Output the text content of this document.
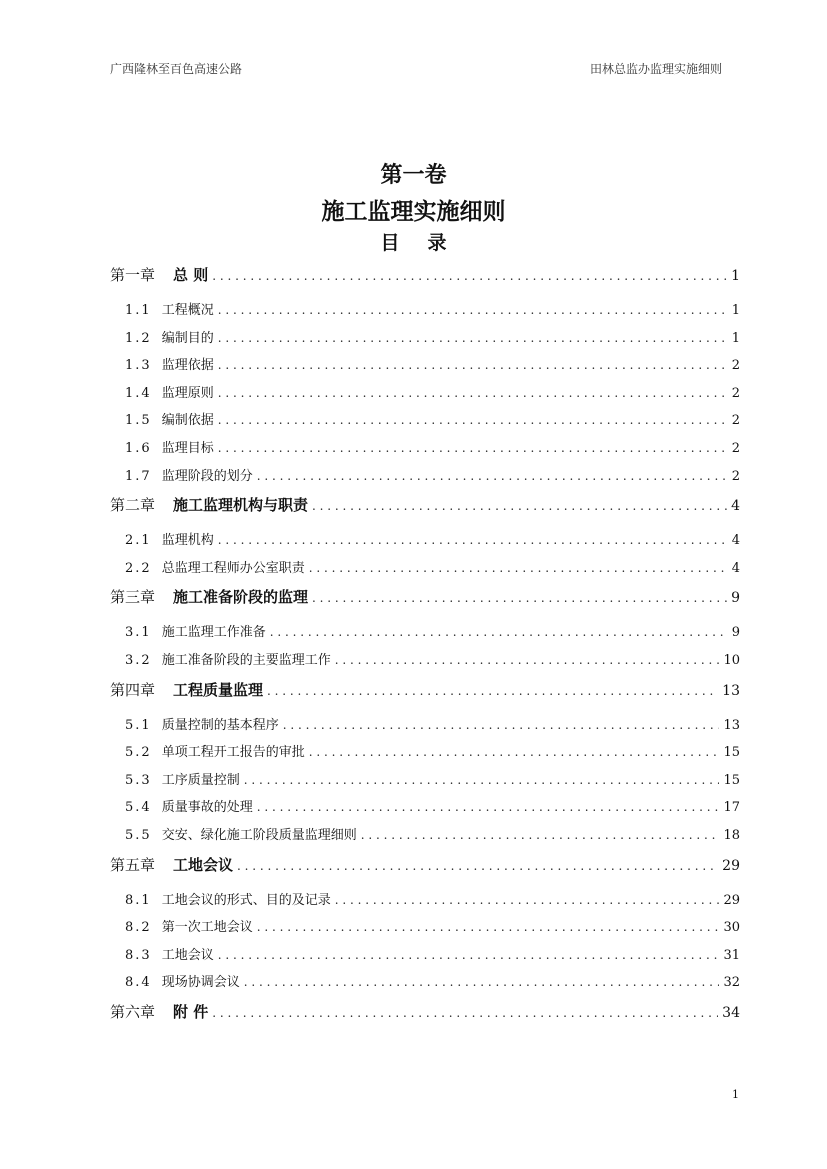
广西隆林至百色高速公路	田林总监办监理实施细则
第一卷
施工监理实施细则
目录
第一章 总 则 . . .	1
1.1 工程概况 . . .	1
1.2 编制目的 . . .	1
1.3 监理依据 . . .	2
1.4 监理原则 . . .	2
1.5 编制依据 . . .	2
1.6 监理目标 . . .	2
1.7 监理阶段的划分 . . .	2
第二章 施工监理机构与职责 . . .	4
2.1 监理机构 . . .	4
2.2 总监理工程师办公室职责 . . .	4
第三章 施工准备阶段的监理 . . .	9
3.1 施工监理工作准备 . . .	9
3.2 施工准备阶段的主要监理工作 . . .	10
第四章 工程质量监理 . . .	13
5.1 质量控制的基本程序 . . .	13
5.2 单项工程开工报告的审批 . . .	15
5.3 工序质量控制 . . .	15
5.4 质量事故的处理 . . .	17
5.5 交安、绿化施工阶段质量监理细则 . . .	18
第五章 工地会议 . . .	29
8.1 工地会议的形式、目的及记录 . . .	29
8.2 第一次工地会议 . . .	30
8.3 工地会议 . . .	31
8.4 现场协调会议 . . .	32
第六章 附 件 . . .	34
1
